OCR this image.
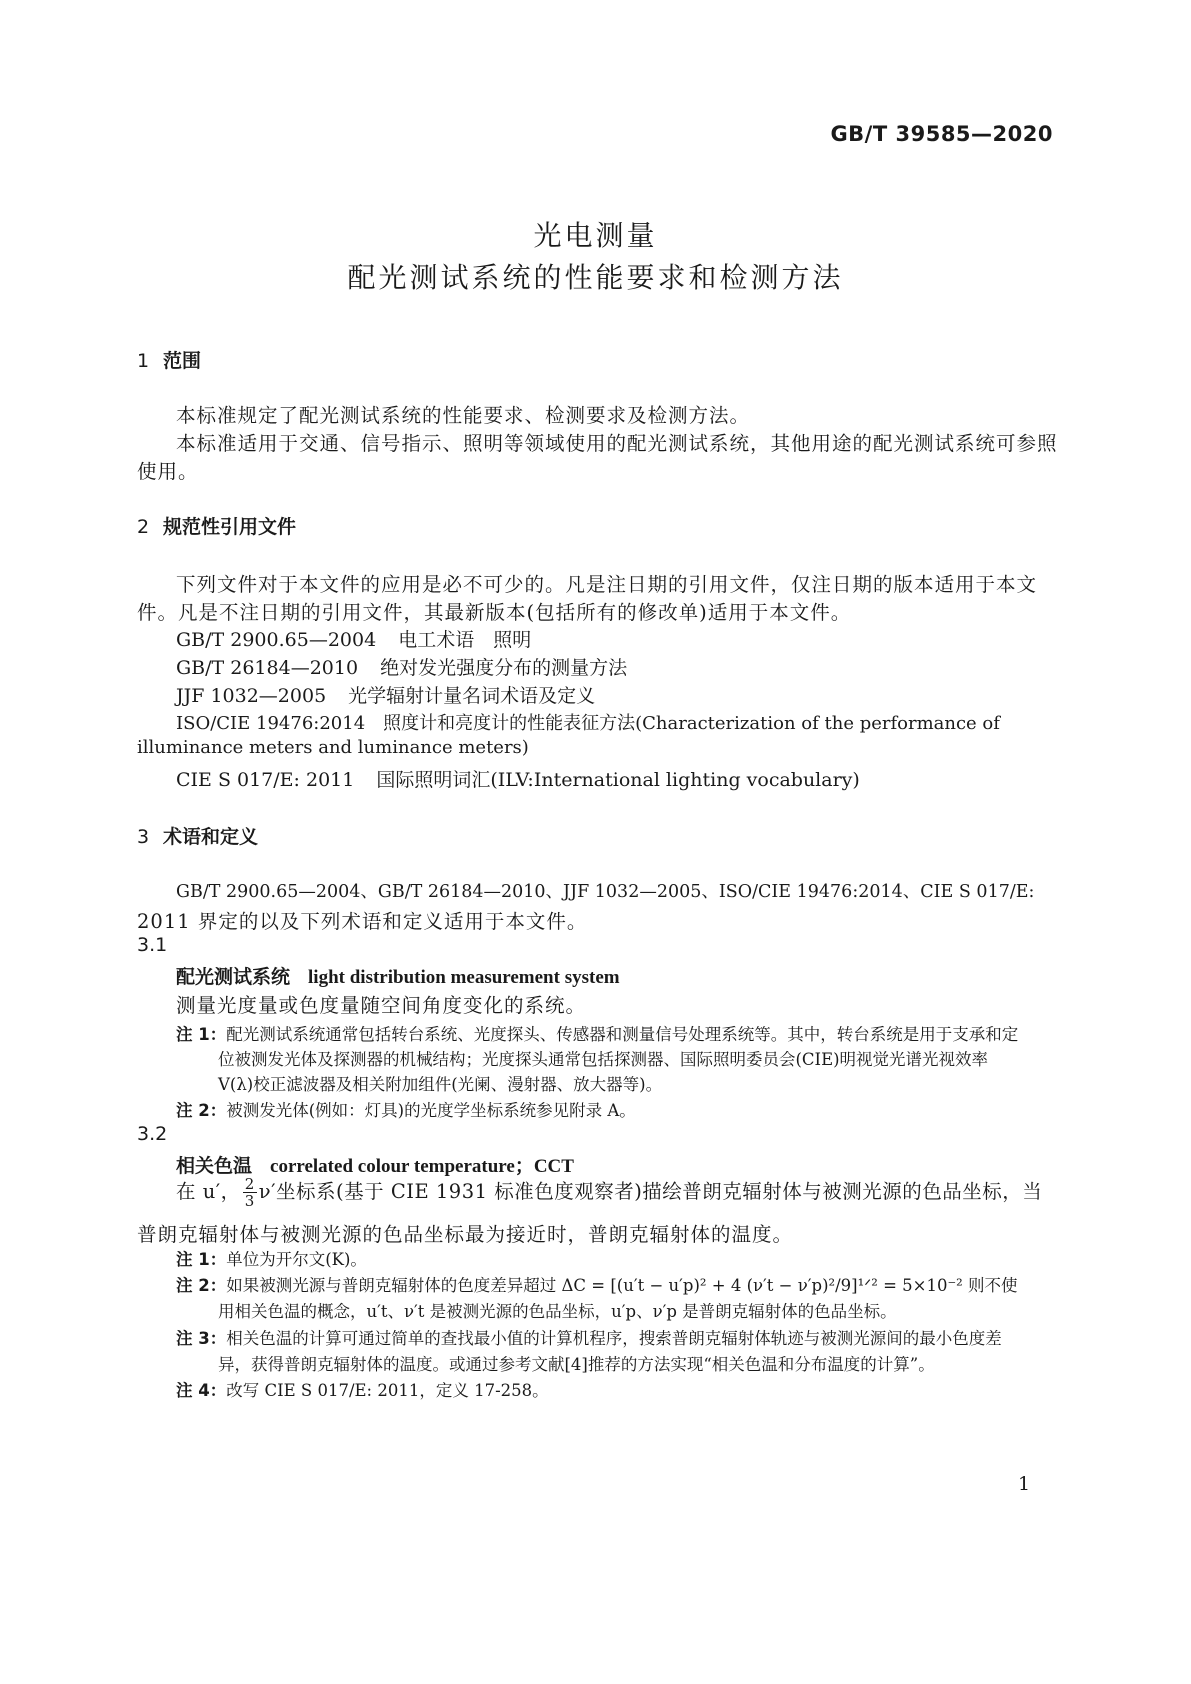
GB/T 39585—2020
光电测量
配光测试系统的性能要求和检测方法
1 范围
本标准规定了配光测试系统的性能要求、检测要求及检测方法。
本标准适用于交通、信号指示、照明等领域使用的配光测试系统，其他用途的配光测试系统可参照
使用。
2 规范性引用文件
下列文件对于本文件的应用是必不可少的。凡是注日期的引用文件，仅注日期的版本适用于本文
件。凡是不注日期的引用文件，其最新版本(包括所有的修改单)适用于本文件。
GB/T 2900.65—2004 电工术语　照明
GB/T 26184—2010 绝对发光强度分布的测量方法
JJF 1032—2005 光学辐射计量名词术语及定义
ISO/CIE 19476:2014 照度计和亮度计的性能表征方法(Characterization of the performance of
illuminance meters and luminance meters)
CIE S 017/E: 2011 国际照明词汇(ILV:International lighting vocabulary)
3 术语和定义
GB/T 2900.65—2004、GB/T 26184—2010、JJF 1032—2005、ISO/CIE 19476:2014、CIE S 017/E:
2011 界定的以及下列术语和定义适用于本文件。
3.1
配光测试系统 light distribution measurement system
测量光度量或色度量随空间角度变化的系统。
注 1：配光测试系统通常包括转台系统、光度探头、传感器和测量信号处理系统等。其中，转台系统是用于支承和定
位被测发光体及探测器的机械结构；光度探头通常包括探测器、国际照明委员会(CIE)明视觉光谱光视效率
V(λ)校正滤波器及相关附加组件(光阑、漫射器、放大器等)。
注 2：被测发光体(例如：灯具)的光度学坐标系统参见附录 A。
3.2
相关色温 correlated colour temperature；CCT
在 u′， $\frac{2}{3} \nu'$坐标系(基于 CIE 1931 标准色度观察者)描绘普朗克辐射体与被测光源的色品坐标，当
普朗克辐射体与被测光源的色品坐标最为接近时，普朗克辐射体的温度。
注 1：单位为开尔文(K)。
注 2：如果被测光源与普朗克辐射体的色度差异超过 ΔC = [(u′t − u′p)² + 4 (ν′t − ν′p)²/9]¹ᐟ² = 5×10⁻² 则不使
用相关色温的概念，u′t、ν′t 是被测光源的色品坐标，u′p、ν′p 是普朗克辐射体的色品坐标。
注 3：相关色温的计算可通过简单的查找最小值的计算机程序，搜索普朗克辐射体轨迹与被测光源间的最小色度差
异，获得普朗克辐射体的温度。或通过参考文献[4]推荐的方法实现“相关色温和分布温度的计算”。
注 4：改写 CIE S 017/E: 2011，定义 17-258。
1
